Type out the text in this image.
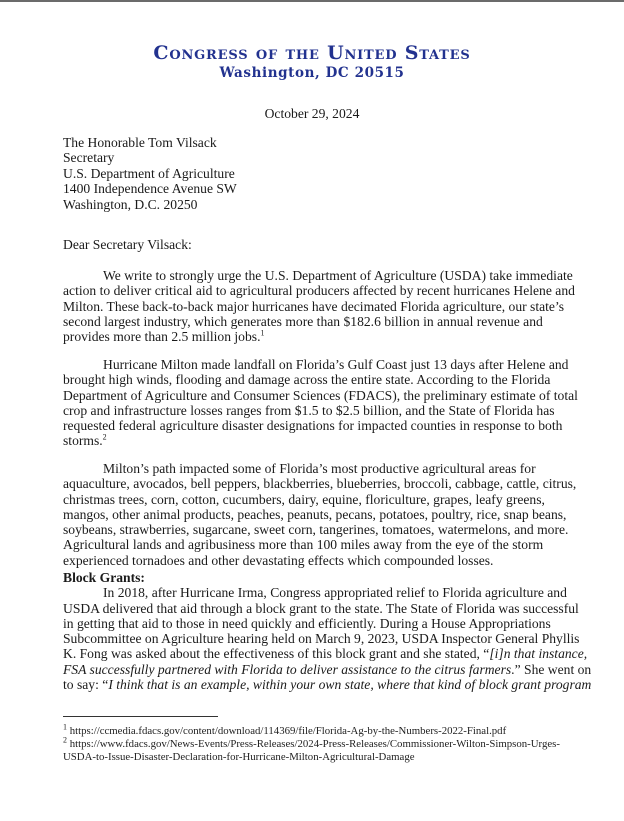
Congress of the United States
Washington, DC 20515
October 29, 2024
The Honorable Tom Vilsack
Secretary
U.S. Department of Agriculture
1400 Independence Avenue SW
Washington, D.C. 20250
Dear Secretary Vilsack:
We write to strongly urge the U.S. Department of Agriculture (USDA) take immediate
action to deliver critical aid to agricultural producers affected by recent hurricanes Helene and
Milton. These back-to-back major hurricanes have decimated Florida agriculture, our state’s
second largest industry, which generates more than $182.6 billion in annual revenue and
provides more than 2.5 million jobs.$^1$
Hurricane Milton made landfall on Florida’s Gulf Coast just 13 days after Helene and
brought high winds, flooding and damage across the entire state. According to the Florida
Department of Agriculture and Consumer Sciences (FDACS), the preliminary estimate of total
crop and infrastructure losses ranges from $1.5 to $2.5 billion, and the State of Florida has
requested federal agriculture disaster designations for impacted counties in response to both
storms.$^2$
Milton’s path impacted some of Florida’s most productive agricultural areas for
aquaculture, avocados, bell peppers, blackberries, blueberries, broccoli, cabbage, cattle, citrus,
christmas trees, corn, cotton, cucumbers, dairy, equine, floriculture, grapes, leafy greens,
mangos, other animal products, peaches, peanuts, pecans, potatoes, poultry, rice, snap beans,
soybeans, strawberries, sugarcane, sweet corn, tangerines, tomatoes, watermelons, and more.
Agricultural lands and agribusiness more than 100 miles away from the eye of the storm
experienced tornadoes and other devastating effects which compounded losses.
Block Grants:
In 2018, after Hurricane Irma, Congress appropriated relief to Florida agriculture and
USDA delivered that aid through a block grant to the state. The State of Florida was successful
in getting that aid to those in need quickly and efficiently. During a House Appropriations
Subcommittee on Agriculture hearing held on March 9, 2023, USDA Inspector General Phyllis
K. Fong was asked about the effectiveness of this block grant and she stated, “[i]n that instance,
FSA successfully partnered with Florida to deliver assistance to the citrus farmers.” She went on
to say: “I think that is an example, within your own state, where that kind of block grant program
$^1$ https://ccmedia.fdacs.gov/content/download/114369/file/Florida-Ag-by-the-Numbers-2022-Final.pdf
$^2$ https://www.fdacs.gov/News-Events/Press-Releases/2024-Press-Releases/Commissioner-Wilton-Simpson-Urges-
USDA-to-Issue-Disaster-Declaration-for-Hurricane-Milton-Agricultural-Damage
